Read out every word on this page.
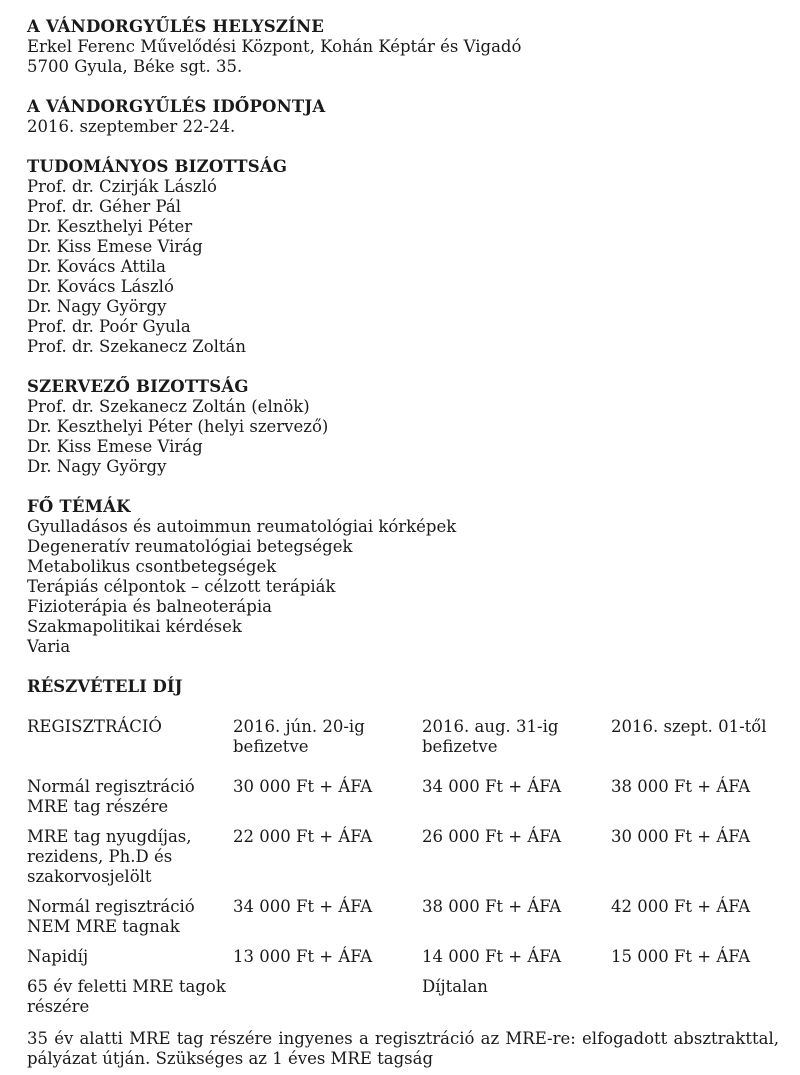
A VÁNDORGYŰLÉS HELYSZÍNE
Erkel Ferenc Művelődési Központ, Kohán Képtár és Vigadó
5700 Gyula, Béke sgt. 35.
A VÁNDORGYŰLÉS IDŐPONTJA
2016. szeptember 22-24.
TUDOMÁNYOS BIZOTTSÁG
Prof. dr. Czirják László
Prof. dr. Géher Pál
Dr. Keszthelyi Péter
Dr. Kiss Emese Virág
Dr. Kovács Attila
Dr. Kovács László
Dr. Nagy György
Prof. dr. Poór Gyula
Prof. dr. Szekanecz Zoltán
SZERVEZŐ BIZOTTSÁG
Prof. dr. Szekanecz Zoltán (elnök)
Dr. Keszthelyi Péter (helyi szervező)
Dr. Kiss Emese Virág
Dr. Nagy György
FŐ TÉMÁK
Gyulladásos és autoimmun reumatológiai kórképek
Degeneratív reumatológiai betegségek
Metabolikus csontbetegségek
Terápiás célpontok – célzott terápiák
Fizioterápia és balneoterápia
Szakmapolitikai kérdések
Varia
RÉSZVÉTELI DÍJ
REGISZTRÁCIÓ	2016. jún. 20-ig befizetve	2016. aug. 31-ig befizetve	2016. szept. 01-től
Normál regisztráció MRE tag részére	30 000 Ft + ÁFA	34 000 Ft + ÁFA	38 000 Ft + ÁFA
MRE tag nyugdíjas, rezidens, Ph.D és szakorvosjelölt	22 000 Ft + ÁFA	26 000 Ft + ÁFA	30 000 Ft + ÁFA
Normál regisztráció NEM MRE tagnak	34 000 Ft + ÁFA	38 000 Ft + ÁFA	42 000 Ft + ÁFA
Napidíj	13 000 Ft + ÁFA	14 000 Ft + ÁFA	15 000 Ft + ÁFA
65 év feletti MRE tagok részére		Díjtalan	
35 év alatti MRE tag részére ingyenes a regisztráció az MRE-re: elfogadott absztrakttal, pályázat útján. Szükséges az 1 éves MRE tagság
